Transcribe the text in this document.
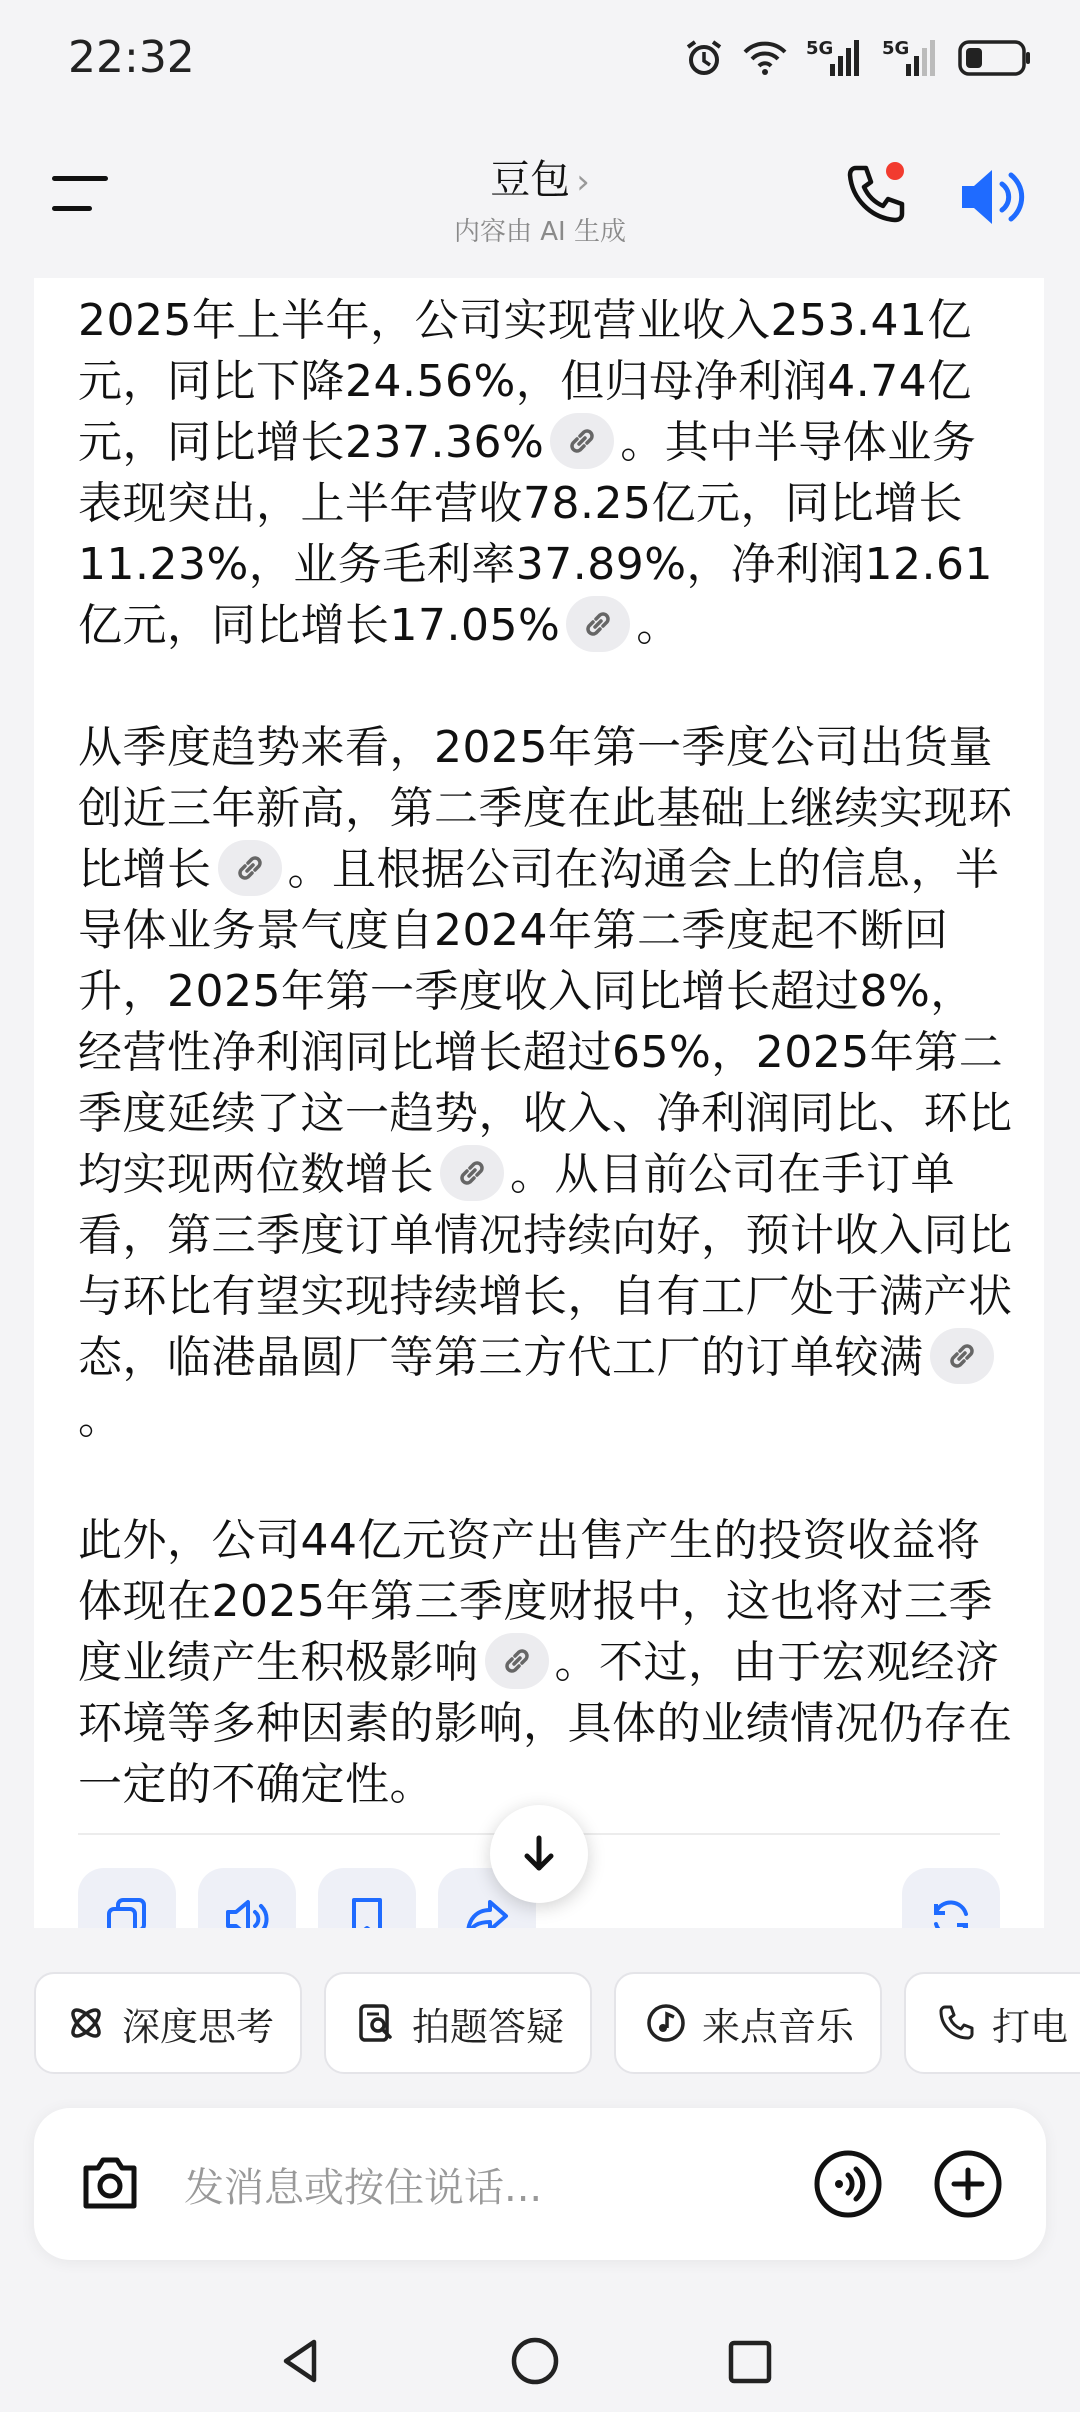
22:32	5G	5G
豆包 ›
内容由 AI 生成

2025年上半年，公司实现营业收入253.41亿元，同比下降24.56%，但归母净利润4.74亿元，同比增长237.36% 。其中半导体业务表现突出，上半年营收78.25亿元，同比增长11.23%，业务毛利率37.89%，净利润12.61亿元，同比增长17.05% 。

从季度趋势来看，2025年第一季度公司出货量创近三年新高，第二季度在此基础上继续实现环比增长 。且根据公司在沟通会上的信息，半导体业务景气度自2024年第二季度起不断回升，2025年第一季度收入同比增长超过8%，经营性净利润同比增长超过65%，2025年第二季度延续了这一趋势，收入、净利润同比、环比均实现两位数增长 。从目前公司在手订单看，第三季度订单情况持续向好，预计收入同比与环比有望实现持续增长，自有工厂处于满产状态，临港晶圆厂等第三方代工厂的订单较满
。

此外，公司44亿元资产出售产生的投资收益将体现在2025年第三季度财报中，这也将对三季度业绩产生积极影响 。不过，由于宏观经济环境等多种因素的影响，具体的业绩情况仍存在一定的不确定性。

深度思考	拍题答疑	来点音乐	打电
发消息或按住说话...
